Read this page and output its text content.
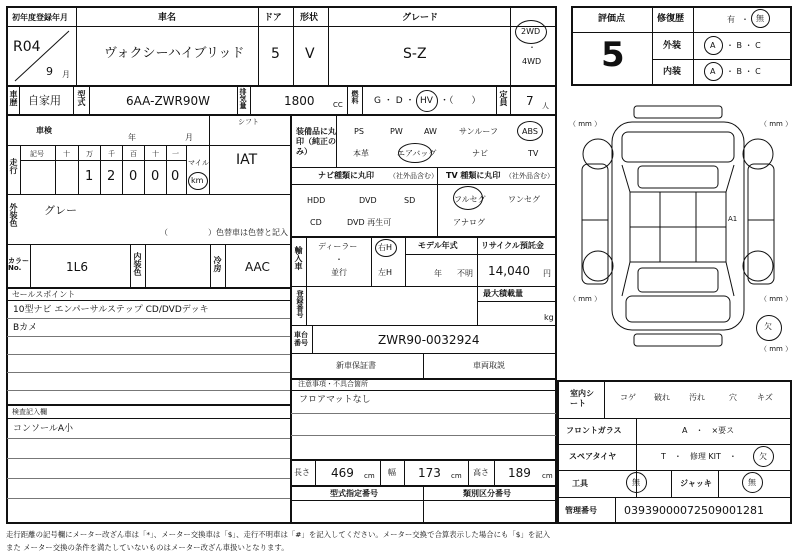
初年度登録年月
R04
9 月
車名
ヴォクシーハイブリッド
ドア
5
形状
V
グレード
S-Z
2WD
・
4WD
車歴 自家用 型式	6AA-ZWR90W	排気量	1800	CC
燃料 G ・ D ・ HV ・（　　） 定員 7 人
車検
年	月
シフト
IAT
走行
記号	十 万 千 百 十 一
マイル
1 2 0 0 0 km
外装色 グレー
（　　　　　）色替車は色替と記入
カラーNo.	1L6	内装色	冷房 AAC
セールスポイント
10型ナビ エンパーサルステップ CD/DVDデッキ
Bカメ
検査記入欄
コンソールA小
装備品に丸印（純正のみ）
PS	PW	AW	サンルーフ	ABS
本革	エアバッグ	ナビ	TV
ナビ種類に丸印 （社外品含む）
HDD	DVD	SD
CD	DVD 再生可
TV 種類に丸印 （社外品含む）
フルセグ	ワンセグ
アナログ
輸入車 ディーラー
・
並行
右H
左H
モデル年式
年 不明
リサイクル預託金
14,040 円
登録番号	最大積載量
kg
車台番号	ZWR90-0032924
新車保証書	車両取説
注意事項・不具合箇所
フロアマットなし
長さ 469 cm 幅 173 cm 高さ 189 cm
型式指定番号	類別区分番号
評価点
5
修復歴	有 ・ 無
外装	A ・ B ・ C
内装	A ・ B ・ C
（ mm ）	（ mm ）
（ mm ）	（ mm ）
A1
欠
（ mm ）
室内シート
コゲ 破れ 汚れ	穴	キズ
フロントガラス	A　・　×要ス
スペアタイヤ	T　・　修理 KIT　・	欠
工具	無	ジャッキ	無
管理番号 03939000072509001281
走行距離の記号欄にメーター改ざん車は「*」、メーター交換車は「$」、走行不明車は「#」を記入してください。メーター交換で合算表示した場合にも「$」を記入
また メーター交換の条件を満たしていないものはメーター改ざん車扱いとなります。
